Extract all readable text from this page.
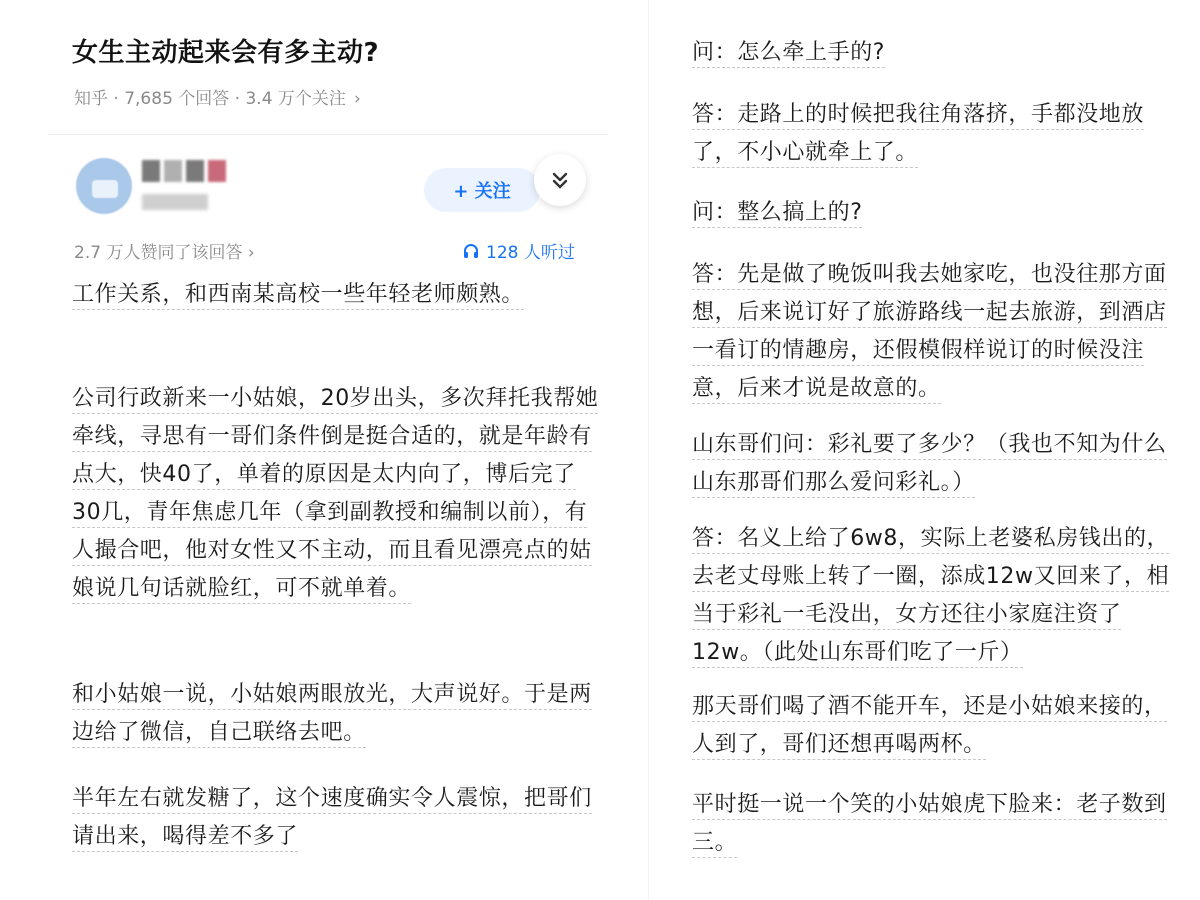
女生主动起来会有多主动?
知乎 · 7,685 个回答 · 3.4 万个关注 ›
+ 关注
2.7 万人赞同了该回答 ›	128 人听过
工作关系，和西南某高校一些年轻老师颇熟。
公司行政新来一小姑娘，20岁出头，多次拜托我帮她牵线，寻思有一哥们条件倒是挺合适的，就是年龄有点大，快40了，单着的原因是太内向了，博后完了30几，青年焦虑几年（拿到副教授和编制以前），有人撮合吧，他对女性又不主动，而且看见漂亮点的姑娘说几句话就脸红，可不就单着。
和小姑娘一说，小姑娘两眼放光，大声说好。于是两边给了微信，自己联络去吧。
半年左右就发糖了，这个速度确实令人震惊，把哥们请出来，喝得差不多了
问：怎么牵上手的?
答：走路上的时候把我往角落挤，手都没地放了，不小心就牵上了。
问：整么搞上的?
答：先是做了晚饭叫我去她家吃，也没往那方面想，后来说订好了旅游路线一起去旅游，到酒店一看订的情趣房，还假模假样说订的时候没注意，后来才说是故意的。
山东哥们问：彩礼要了多少？（我也不知为什么山东那哥们那么爱问彩礼。）
答：名义上给了6w8，实际上老婆私房钱出的，去老丈母账上转了一圈，添成12w又回来了，相当于彩礼一毛没出，女方还往小家庭注资了12w。（此处山东哥们吃了一斤）
那天哥们喝了酒不能开车，还是小姑娘来接的，人到了，哥们还想再喝两杯。
平时挺一说一个笑的小姑娘虎下脸来：老子数到三。
